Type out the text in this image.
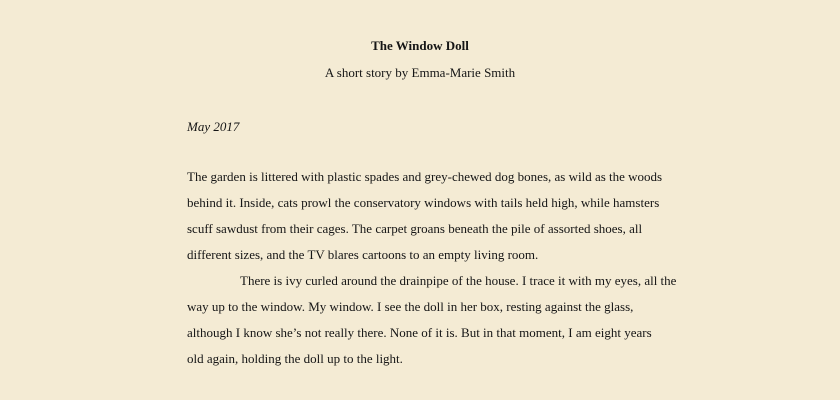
The Window Doll
A short story by Emma-Marie Smith
May 2017

The garden is littered with plastic spades and grey-chewed dog bones, as wild as the woods
behind it. Inside, cats prowl the conservatory windows with tails held high, while hamsters
scuff sawdust from their cages. The carpet groans beneath the pile of assorted shoes, all
different sizes, and the TV blares cartoons to an empty living room.

There is ivy curled around the drainpipe of the house. I trace it with my eyes, all the
way up to the window. My window. I see the doll in her box, resting against the glass,
although I know she’s not really there. None of it is. But in that moment, I am eight years
old again, holding the doll up to the light.
